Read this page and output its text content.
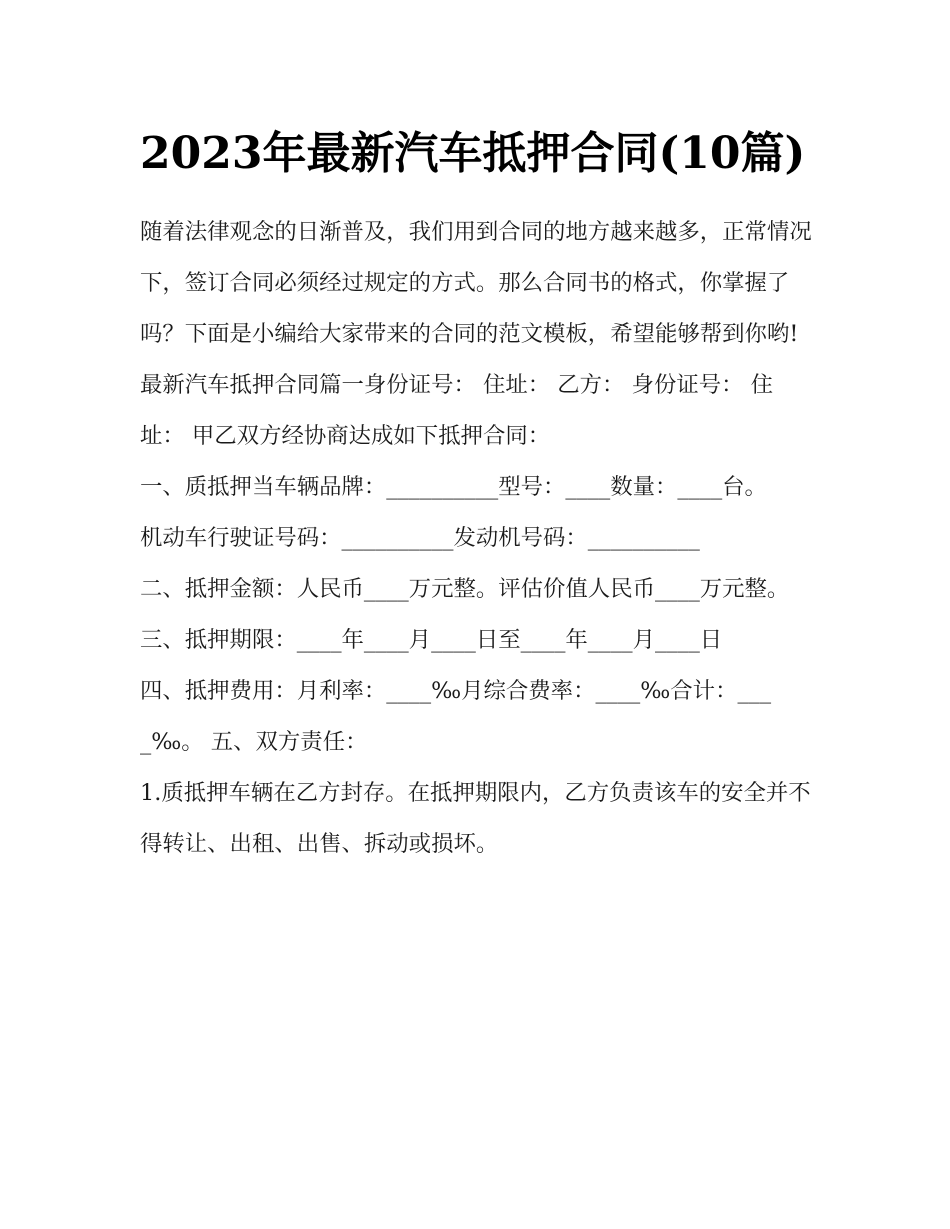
2023年最新汽车抵押合同(10篇)

随着法律观念的日渐普及，我们用到合同的地方越来越多，正常情况下，签订合同必须经过规定的方式。那么合同书的格式，你掌握了吗？下面是小编给大家带来的合同的范文模板，希望能够帮到你哟!

最新汽车抵押合同篇一身份证号： 住址： 乙方： 身份证号： 住址： 甲乙双方经协商达成如下抵押合同：

一、质抵押当车辆品牌：__________型号：____数量：____台。

机动车行驶证号码：__________发动机号码：__________

二、抵押金额：人民币____万元整。评估价值人民币____万元整。

三、抵押期限：____年____月____日至____年____月____日

四、抵押费用：月利率：____‰月综合费率：____‰合计：____‰。 五、双方责任：

1.质抵押车辆在乙方封存。在抵押期限内，乙方负责该车的安全并不得转让、出租、出售、拆动或损坏。
